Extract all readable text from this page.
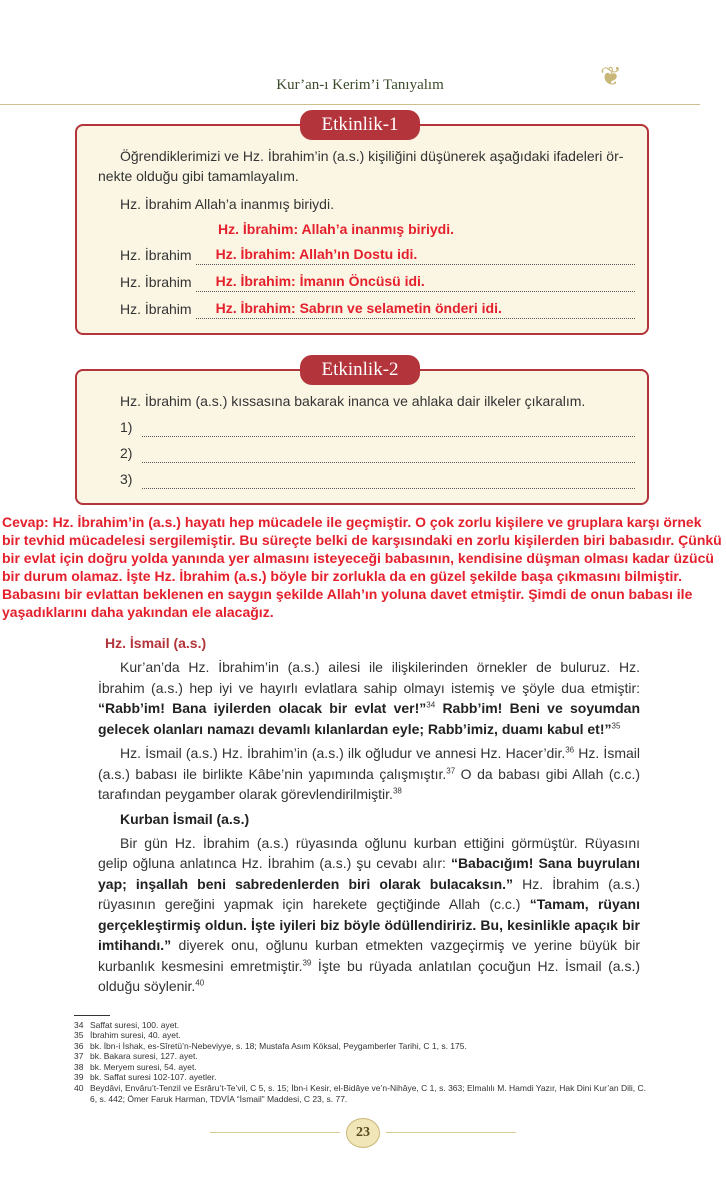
Kur’an-ı Kerim’i Tanıyalım	❦
Etkinlik-1
Öğrendiklerimizi ve Hz. İbrahim’in (a.s.) kişiliğini düşünerek aşağıdaki ifadeleri ör- nekte olduğu gibi tamamlayalım.
Hz. İbrahim Allah’a inanmış biriydi.
Hz. İbrahim: Allah’a inanmış biriydi.
Hz. İbrahim	Hz. İbrahim: Allah’ın Dostu idi.
Hz. İbrahim	Hz. İbrahim: İmanın Öncüsü idi.
Hz. İbrahim	Hz. İbrahim: Sabrın ve selametin önderi idi.
Etkinlik-2
Hz. İbrahim (a.s.) kıssasına bakarak inanca ve ahlaka dair ilkeler çıkaralım.
1)
2)
3)
Cevap: Hz. İbrahim’in (a.s.) hayatı hep mücadele ile geçmiştir. O çok zorlu kişilere ve gruplara karşı örnek bir tevhid mücadelesi sergilemiştir. Bu süreçte belki de karşısındaki en zorlu kişilerden biri babasıdır. Çünkü bir evlat için doğru yolda yanında yer almasını isteyeceği babasının, kendisine düşman olması kadar üzücü bir durum olamaz. İşte Hz. İbrahim (a.s.) böyle bir zorlukla da en güzel şekilde başa çıkmasını bilmiştir. Babasını bir evlattan beklenen en saygın şekilde Allah’ın yoluna davet etmiştir. Şimdi de onun babası ile yaşadıklarını daha yakından ele alacağız.
Hz. İsmail (a.s.)
Kur’an’da Hz. İbrahim’in (a.s.) ailesi ile ilişkilerinden örnekler de buluruz. Hz. İbrahim (a.s.) hep iyi ve hayırlı evlatlara sahip olmayı istemiş ve şöyle dua etmiştir: “Rabb’im! Bana iyilerden olacak bir evlat ver!”$^{34}$ Rabb’im! Beni ve soyumdan gelecek olanları namazı devamlı kılanlardan eyle; Rabb’imiz, duamı kabul et!”$^{35}$
Hz. İsmail (a.s.) Hz. İbrahim’in (a.s.) ilk oğludur ve annesi Hz. Hacer’dir.$^{36}$ Hz. İsmail (a.s.) babası ile birlikte Kâbe’nin yapımında çalışmıştır.$^{37}$ O da babası gibi Allah (c.c.) tarafından peygamber olarak görevlendirilmiştir.$^{38}$
Kurban İsmail (a.s.)
Bir gün Hz. İbrahim (a.s.) rüyasında oğlunu kurban ettiğini görmüştür. Rüyasını gelip oğluna anlatınca Hz. İbrahim (a.s.) şu cevabı alır: “Babacığım! Sana buyrulanı yap; inşallah beni sabredenlerden biri olarak bulacaksın.” Hz. İbrahim (a.s.) rüyasının gereğini yapmak için harekete geçtiğinde Allah (c.c.) “Tamam, rüyanı gerçekleştirmiş oldun. İşte iyileri biz böyle ödüllendiririz. Bu, kesinlikle apaçık bir imtihandı.” diyerek onu, oğlunu kurban etmekten vazgeçirmiş ve yerine büyük bir kurbanlık kesmesini emretmiştir.$^{39}$ İşte bu rüyada anlatılan çocuğun Hz. İsmail (a.s.) olduğu söylenir.$^{40}$
34 Saffat suresi, 100. ayet.
35 İbrahim suresi, 40. ayet.
36 bk. İbn-i İshak, es-Sîretü’n-Nebeviyye, s. 18; Mustafa Asım Köksal, Peygamberler Tarihi, C 1, s. 175.
37 bk. Bakara suresi, 127. ayet.
38 bk. Meryem suresi, 54. ayet.
39 bk. Saffat suresi 102-107. ayetler.
40 Beydâvi, Envâru’t-Tenzil ve Esrâru’t-Te’vil, C 5, s. 15; İbn-i Kesir, el-Bidâye ve’n-Nihâye, C 1, s. 363; Elmalılı M. Hamdi Yazır, Hak Dini Kur’an Dili, C. 6, s. 442; Ömer Faruk Harman, TDVİA “İsmail” Maddesi, C 23, s. 77.
23
